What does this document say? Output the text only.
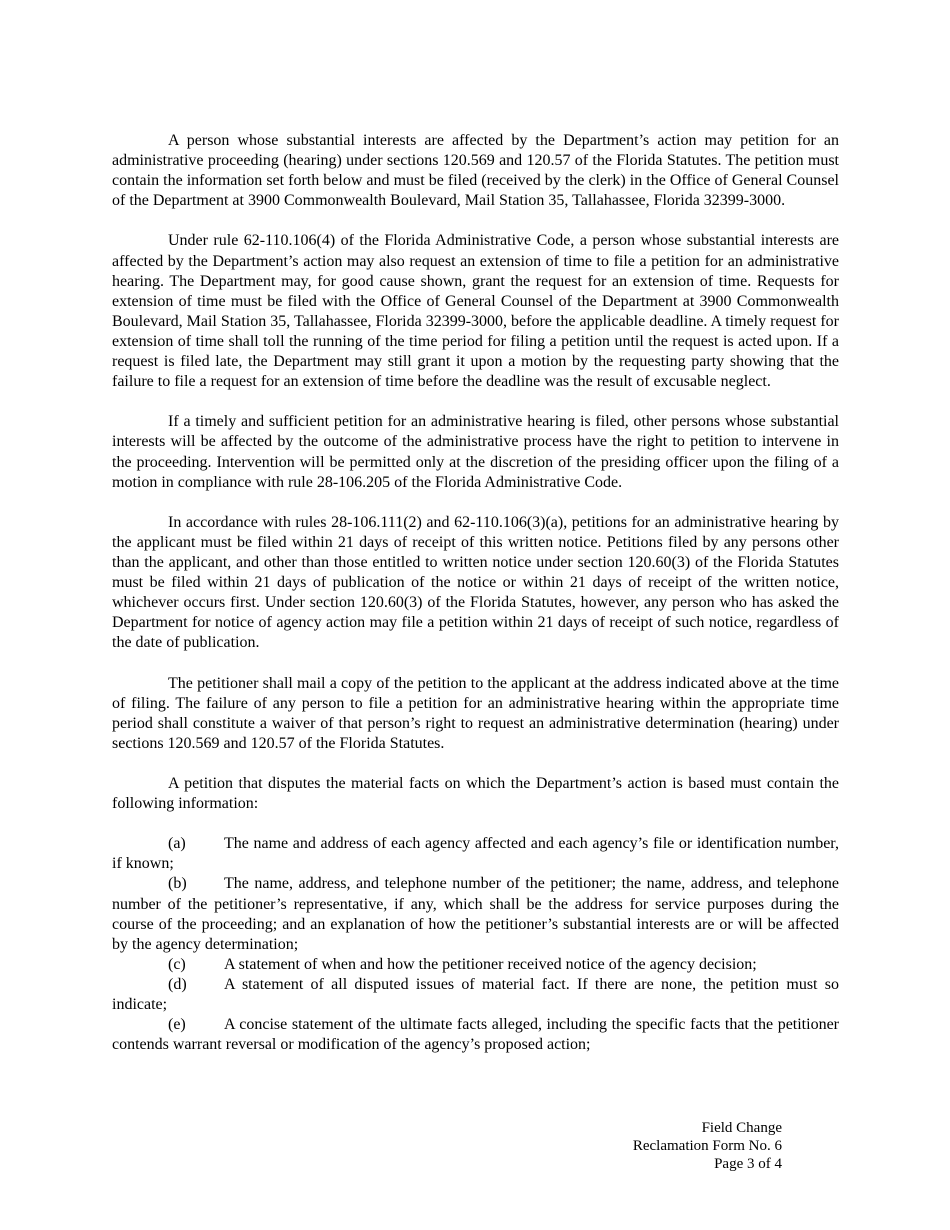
A person whose substantial interests are affected by the Department’s action may petition for an administrative proceeding (hearing) under sections 120.569 and 120.57 of the Florida Statutes. The petition must contain the information set forth below and must be filed (received by the clerk) in the Office of General Counsel of the Department at 3900 Commonwealth Boulevard, Mail Station 35, Tallahassee, Florida 32399-3000.

Under rule 62-110.106(4) of the Florida Administrative Code, a person whose substantial interests are affected by the Department’s action may also request an extension of time to file a petition for an administrative hearing. The Department may, for good cause shown, grant the request for an extension of time. Requests for extension of time must be filed with the Office of General Counsel of the Department at 3900 Commonwealth Boulevard, Mail Station 35, Tallahassee, Florida 32399-3000, before the applicable deadline. A timely request for extension of time shall toll the running of the time period for filing a petition until the request is acted upon. If a request is filed late, the Department may still grant it upon a motion by the requesting party showing that the failure to file a request for an extension of time before the deadline was the result of excusable neglect.

If a timely and sufficient petition for an administrative hearing is filed, other persons whose substantial interests will be affected by the outcome of the administrative process have the right to petition to intervene in the proceeding. Intervention will be permitted only at the discretion of the presiding officer upon the filing of a motion in compliance with rule 28-106.205 of the Florida Administrative Code.

In accordance with rules 28-106.111(2) and 62-110.106(3)(a), petitions for an administrative hearing by the applicant must be filed within 21 days of receipt of this written notice. Petitions filed by any persons other than the applicant, and other than those entitled to written notice under section 120.60(3) of the Florida Statutes must be filed within 21 days of publication of the notice or within 21 days of receipt of the written notice, whichever occurs first. Under section 120.60(3) of the Florida Statutes, however, any person who has asked the Department for notice of agency action may file a petition within 21 days of receipt of such notice, regardless of the date of publication.

The petitioner shall mail a copy of the petition to the applicant at the address indicated above at the time of filing. The failure of any person to file a petition for an administrative hearing within the appropriate time period shall constitute a waiver of that person’s right to request an administrative determination (hearing) under sections 120.569 and 120.57 of the Florida Statutes.

A petition that disputes the material facts on which the Department’s action is based must contain the following information:

(a) The name and address of each agency affected and each agency’s file or identification number, if known;

(b) The name, address, and telephone number of the petitioner; the name, address, and telephone number of the petitioner’s representative, if any, which shall be the address for service purposes during the course of the proceeding; and an explanation of how the petitioner’s substantial interests are or will be affected by the agency determination;

(c) A statement of when and how the petitioner received notice of the agency decision;

(d) A statement of all disputed issues of material fact. If there are none, the petition must so indicate;

(e) A concise statement of the ultimate facts alleged, including the specific facts that the petitioner contends warrant reversal or modification of the agency’s proposed action;

Field Change
Reclamation Form No. 6
Page 3 of 4
